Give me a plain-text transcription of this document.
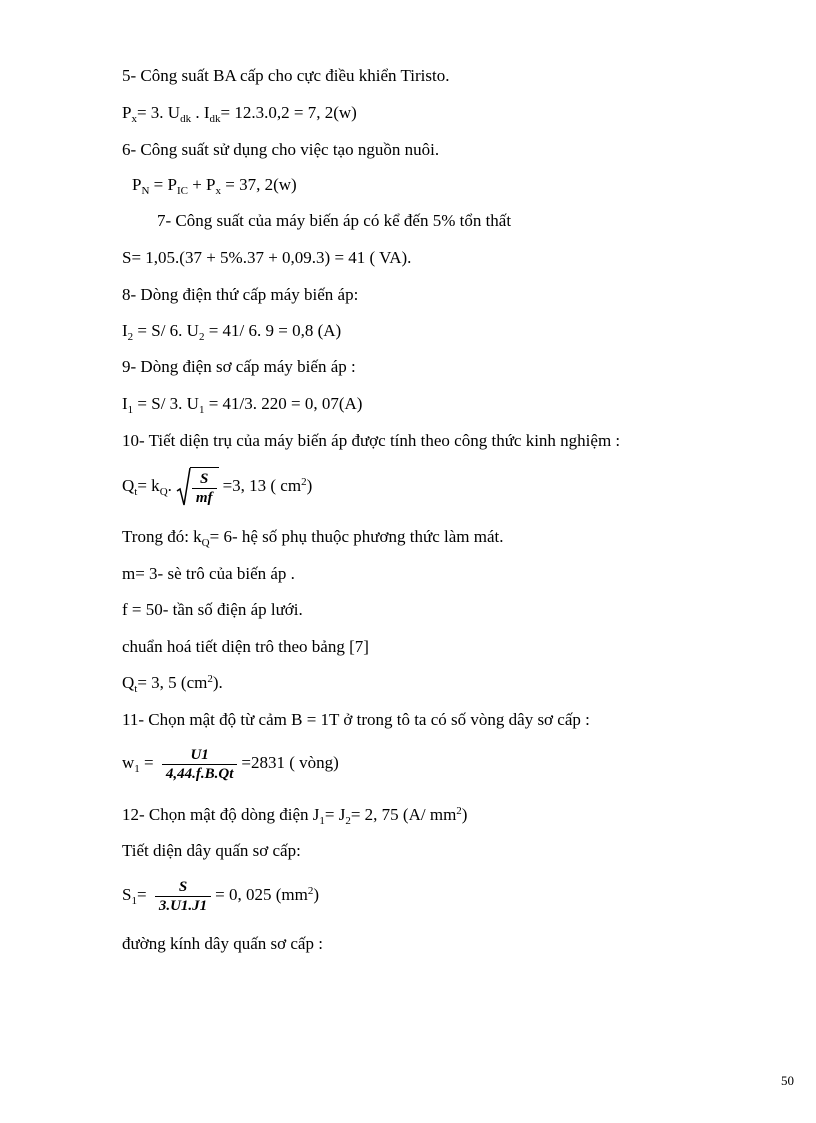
5- Công suất BA cấp cho cực điều khiển Tiristo.
$P_x= 3$. $U_{dk}$ . $I_{dk}= 12.3.0,2 = 7$, 2(w)
6- Công suất sử dụng cho việc tạo nguồn nuôi.
$P_N = P_{IC} + P_x = 37$, 2(w)
7- Công suất của máy biến áp có kể đến 5% tổn thất
S= 1,05.(37 + 5%.37 + 0,09.3) = 41 ( VA).
8- Dòng điện thứ cấp máy biến áp:
$I_2 = S/$ 6. $U_2 = 41/$ 6. 9 = 0,8 (A)
9- Dòng điện sơ cấp máy biến áp :
$I_1 = S/$ 3. $U_1 = 41/3$. 220 = 0, 07(A)
10- Tiết diện trụ của máy biến áp được tính theo công thức kinh nghiệm :
$Q_t= k_Q$. $\frac{S}{mf} =3$, 13 ( $cm^2$)
Trong đó: $k_Q= 6-$ hệ số phụ thuộc phương thức làm mát.
m= 3- sè trô của biến áp .
f = 50- tần số điện áp lưới.
chuẩn hoá tiết diện trô theo bảng [7]
$Q_t= 3$, 5 $(cm^2)$.
11- Chọn mật độ từ cảm B = 1T ở trong tô ta có số vòng dây sơ cấp :
$w_1 = \frac{U1}{4,44.f.B.Qt} =2831$ ( vòng)
12- Chọn mật độ dòng điện $J_1= J_2= 2$, 75 (A/ $mm^2$)
Tiết diện dây quấn sơ cấp:
$S_1= \frac{S}{3.U1.J1} = 0$, 025 $(mm^2)$
đường kính dây quấn sơ cấp :
50
